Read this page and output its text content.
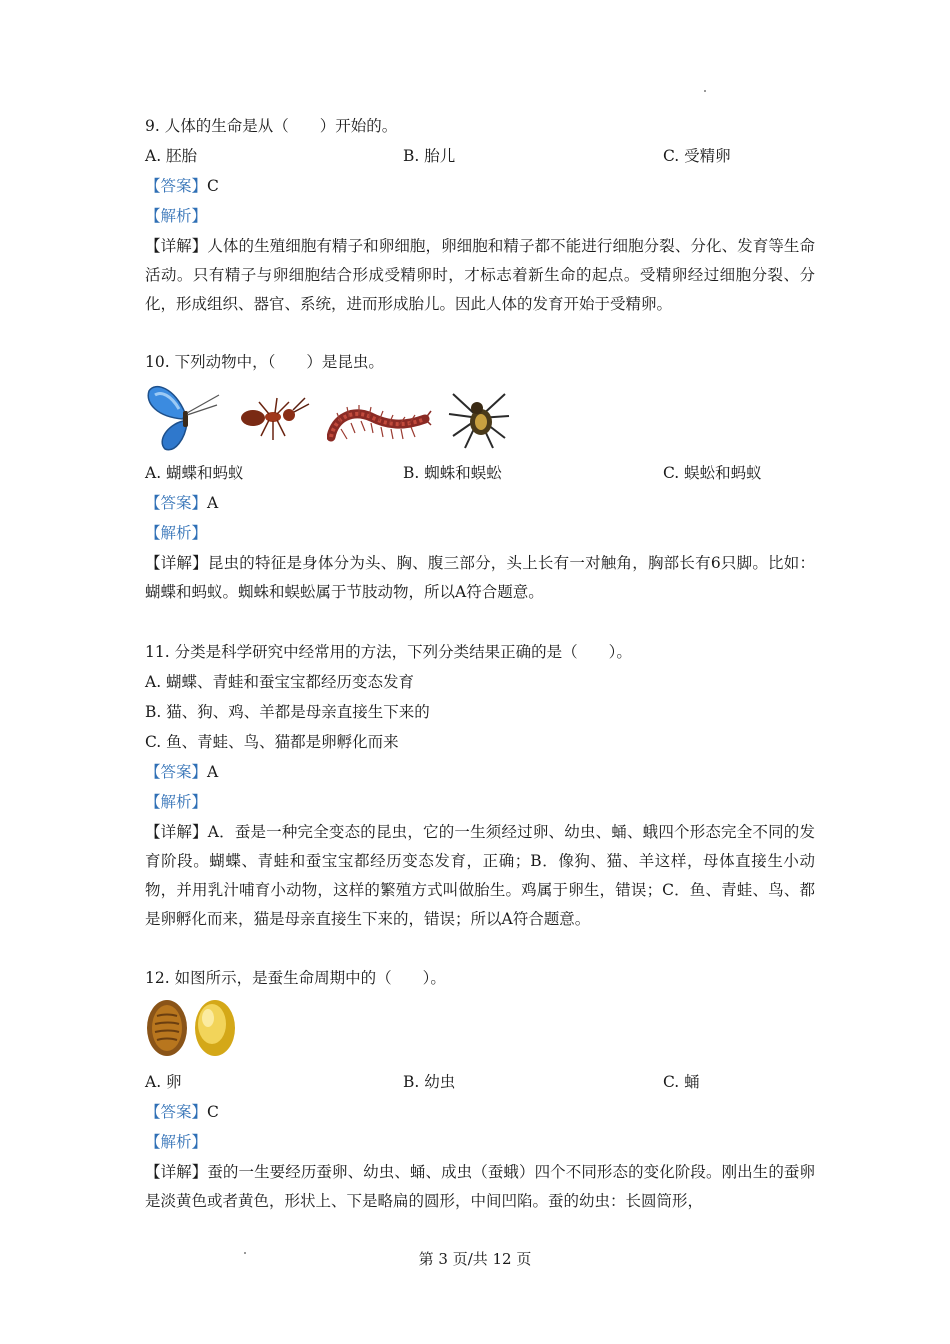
9. 人体的生命是从（　　）开始的。
A. 胚胎	B. 胎儿	C. 受精卵
【答案】C
【解析】
【详解】人体的生殖细胞有精子和卵细胞，卵细胞和精子都不能进行细胞分裂、分化、发育等生命活动。只有精子与卵细胞结合形成受精卵时，才标志着新生命的起点。受精卵经过细胞分裂、分化，形成组织、器官、系统，进而形成胎儿。因此人体的发育开始于受精卵。
10. 下列动物中，（　　）是昆虫。
A. 蝴蝶和蚂蚁	B. 蜘蛛和蜈蚣	C. 蜈蚣和蚂蚁
【答案】A
【解析】
【详解】昆虫的特征是身体分为头、胸、腹三部分，头上长有一对触角，胸部长有6只脚。比如：蝴蝶和蚂蚁。蜘蛛和蜈蚣属于节肢动物，所以A符合题意。
11. 分类是科学研究中经常用的方法，下列分类结果正确的是（　　）。
A. 蝴蝶、青蛙和蚕宝宝都经历变态发育
B. 猫、狗、鸡、羊都是母亲直接生下来的
C. 鱼、青蛙、鸟、猫都是卵孵化而来
【答案】A
【解析】
【详解】A．蚕是一种完全变态的昆虫，它的一生须经过卵、幼虫、蛹、蛾四个形态完全不同的发育阶段。蝴蝶、青蛙和蚕宝宝都经历变态发育，正确；B．像狗、猫、羊这样，母体直接生小动物，并用乳汁哺育小动物，这样的繁殖方式叫做胎生。鸡属于卵生，错误；C．鱼、青蛙、鸟、都是卵孵化而来，猫是母亲直接生下来的，错误；所以A符合题意。
12. 如图所示，是蚕生命周期中的（　　）。
A. 卵	B. 幼虫	C. 蛹
【答案】C
【解析】
【详解】蚕的一生要经历蚕卵、幼虫、蛹、成虫（蚕蛾）四个不同形态的变化阶段。刚出生的蚕卵是淡黄色或者黄色，形状上、下是略扁的圆形，中间凹陷。蚕的幼虫：长圆筒形，
第 3 页/共 12 页
